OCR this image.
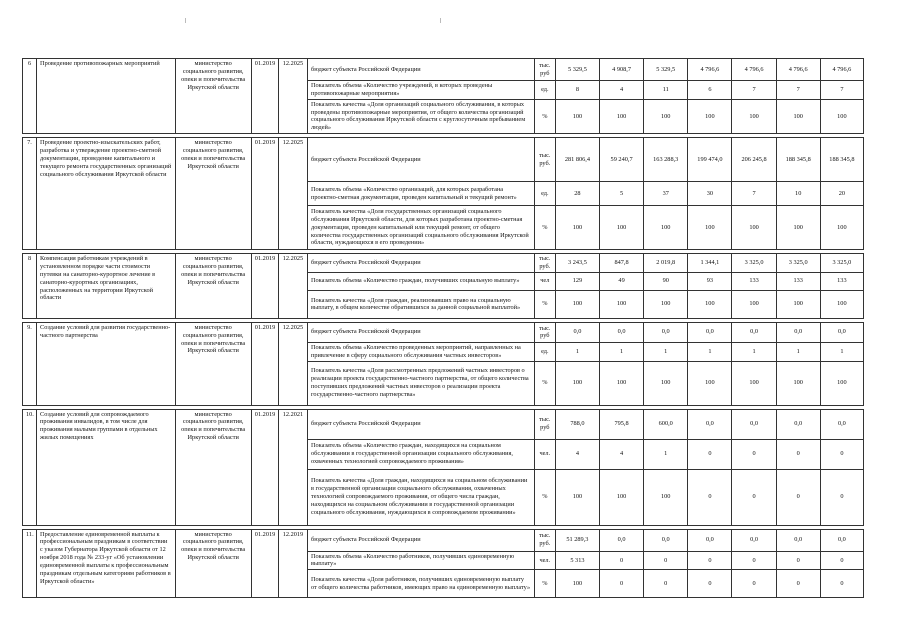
6	Проведение противопожарных мероприятий	министерство социального развития, опеки и попечительства Иркутской области	01.2019	12.2025	бюджет субъекта Российской Федерации	тыс. руб	5 329,5	4 908,7	5 329,5	4 796,6	4 796,6	4 796,6	4 796,6
					Показатель объема «Количество учреждений, в которых проведены противопожарные мероприятия»	ед.	8	4	11	6	7	7	7
					Показатель качества «Доля организаций социального обслуживания, в которых проведены противопожарные мероприятия, от общего количества организаций социального обслуживания Иркутской области с круглосуточным пребыванием людей»	%	100	100	100	100	100	100	100

7.	Проведение проектно-изыскательских работ, разработка и утверждение проектно-сметной документации, проведение капитального и текущего ремонта государственных организаций социального обслуживания Иркутской области	министерство социального развития, опеки и попечительства Иркутской области	01.2019	12.2025	бюджет субъекта Российской Федерации	тыс. руб.	281 806,4	59 240,7	163 288,3	199 474,0	206 245,8	188 345,8	188 345,8
					Показатель объема «Количество организаций, для которых разработана проектно-сметная документация, проведен капитальный и текущий ремонт»	ед.	28	5	37	30	7	10	20
					Показатель качества «Доля государственных организаций социального обслуживания Иркутской области, для которых разработана проектно-сметная документация, проведен капитальный или текущий ремонт, от общего количества государственных организаций социального обслуживания Иркутской области, нуждающихся в его проведении»	%	100	100	100	100	100	100	100

8	Компенсация работникам учреждений в установленном порядке части стоимости путевки на санаторно-курортное лечение в санаторно-курортных организациях, расположенных на территории Иркутской области	министерство социального развития, опеки и попечительства Иркутской области	01.2019	12.2025	бюджет субъекта Российской Федерации	тыс. руб.	3 243,5	847,8	2 019,8	1 344,1	3 325,0	3 325,0	3 325,0
					Показатель объема «Количество граждан, получивших социальную выплату»	чел	129	49	90	93	133	133	133
					Показатель качества «Доля граждан, реализовавших право на социальную выплату, в общем количестве обратившихся за данной социальной выплатой»	%	100	100	100	100	100	100	100

9.	Создание условий для развития государственно-частного партнерства	министерство социального развития, опеки и попечительства Иркутской области	01.2019	12.2025	бюджет субъекта Российской Федерации	тыс. руб	0,0	0,0	0,0	0,0	0,0	0,0	0,0
					Показатель объема «Количество проведенных мероприятий, направленных на привлечение в сферу социального обслуживания частных инвесторов»	ед.	1	1	1	1	1	1	1
					Показатель качества «Доля рассмотренных предложений частных инвесторов о реализации проекта государственно-частного партнерства, от общего количества поступивших предложений частных инвесторов о реализации проекта государственно-частного партнерства»	%	100	100	100	100	100	100	100

10.	Создание условий для сопровождаемого проживания инвалидов, в том числе для проживания малыми группами в отдельных жилых помещениях	министерство социального развития, опеки и попечительства Иркутской области	01.2019	12.2021	бюджет субъекта Российской Федерации	тыс. руб	788,0	795,8	600,0	0,0	0,0	0,0	0,0
					Показатель объема «Количество граждан, находящихся на социальном обслуживании в государственной организации социального обслуживания, охваченных технологией сопровождаемого проживания»	чел.	4	4	1	0	0	0	0
					Показатель качества «Доля граждан, находящихся на социальном обслуживании в государственной организации социального обслуживания, охваченных технологией сопровождаемого проживания, от общего числа граждан, находящихся на социальном обслуживании в государственной организации социального обслуживания, нуждающихся в сопровождаемом проживании»	%	100	100	100	0	0	0	0

11.	Предоставление единовременной выплаты к профессиональным праздникам в соответствии с указом Губернатора Иркутской области от 12 ноября 2018 года № 233-уг «Об установлении единовременной выплаты к профессиональным праздникам отдельным категориям работников в Иркутской области»	министерство социального развития, опеки и попечительства Иркутской области	01.2019	12.2019	бюджет субъекта Российской Федерации	тыс. руб.	51 289,3	0,0	0,0	0,0	0,0	0,0	0,0
					Показатель объема «Количество работников, получивших единовременную выплату»	чел.	5 313	0	0	0	0	0	0
					Показатель качества «Доля работников, получивших единовременную выплату от общего количества работников, имеющих право на единовременную выплату»	%	100	0	0	0	0	0	0
